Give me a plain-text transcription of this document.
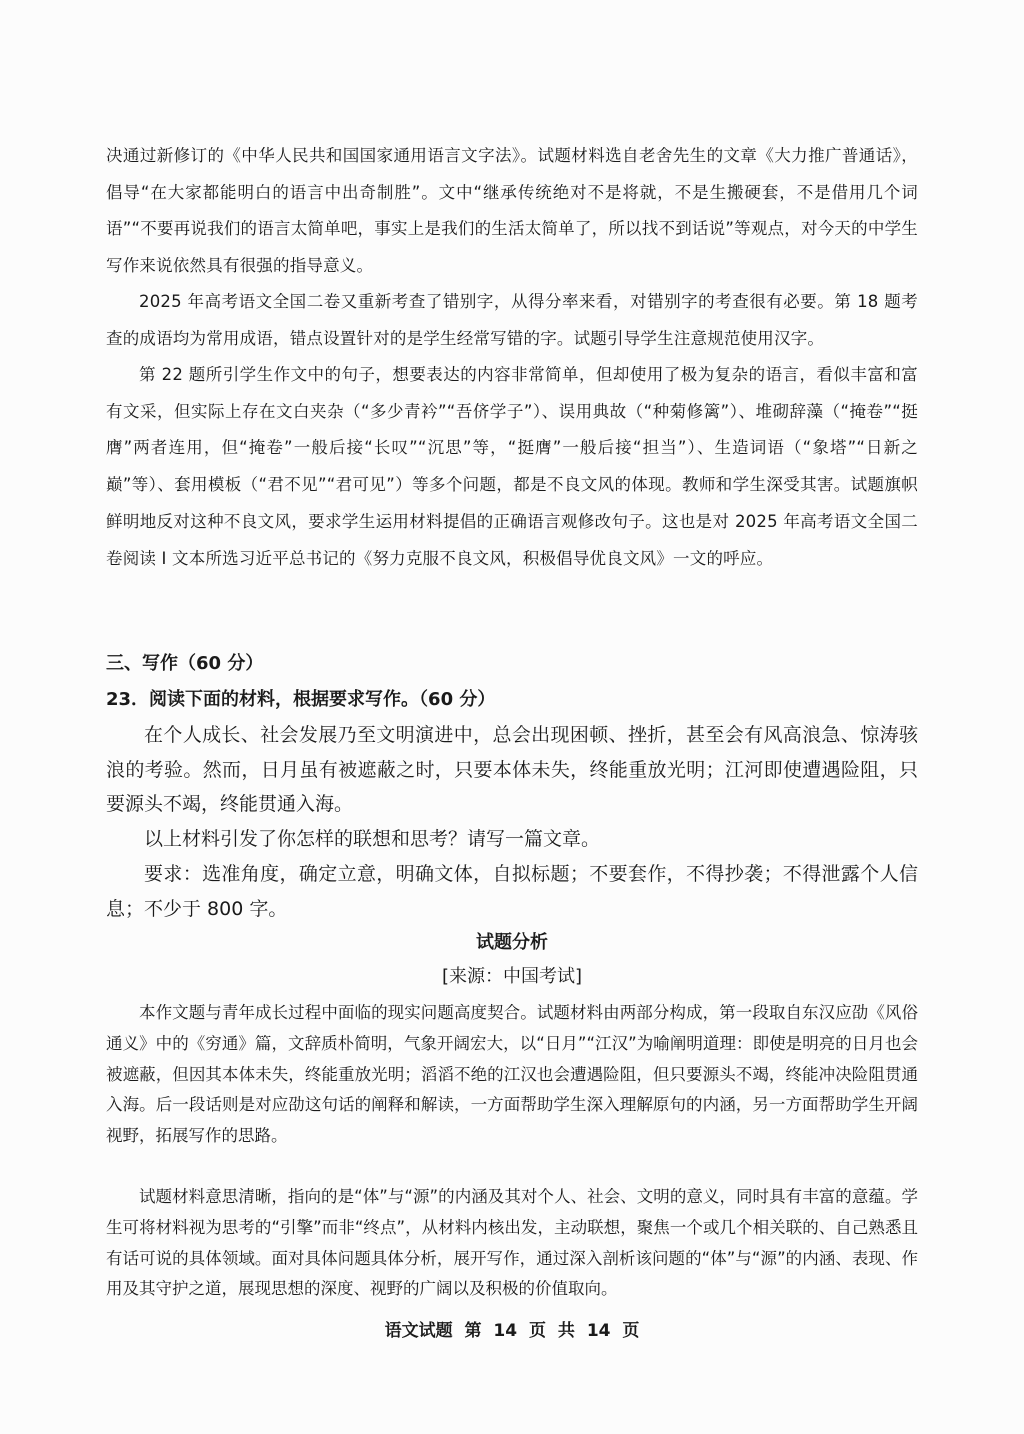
决通过新修订的《中华人民共和国国家通用语言文字法》。试题材料选自老舍先生的文章《大力推广普通话》，倡导“在大家都能明白的语言中出奇制胜”。文中“继承传统绝对不是将就，不是生搬硬套，不是借用几个词语”“不要再说我们的语言太简单吧，事实上是我们的生活太简单了，所以找不到话说”等观点，对今天的中学生写作来说依然具有很强的指导意义。

2025 年高考语文全国二卷又重新考查了错别字，从得分率来看，对错别字的考查很有必要。第 18 题考查的成语均为常用成语，错点设置针对的是学生经常写错的字。试题引导学生注意规范使用汉字。

第 22 题所引学生作文中的句子，想要表达的内容非常简单，但却使用了极为复杂的语言，看似丰富和富有文采，但实际上存在文白夹杂（“多少青衿”“吾侪学子”）、误用典故（“种菊修篱”）、堆砌辞藻（“掩卷”“挺膺”两者连用，但“掩卷”一般后接“长叹”“沉思”等，“挺膺”一般后接“担当”）、生造词语（“象塔”“日新之巅”等）、套用模板（“君不见”“君可见”）等多个问题，都是不良文风的体现。教师和学生深受其害。试题旗帜鲜明地反对这种不良文风，要求学生运用材料提倡的正确语言观修改句子。这也是对 2025 年高考语文全国二卷阅读 I 文本所选习近平总书记的《努力克服不良文风，积极倡导优良文风》一文的呼应。

三、写作（60 分）
23．阅读下面的材料，根据要求写作。（60 分）

在个人成长、社会发展乃至文明演进中，总会出现困顿、挫折，甚至会有风高浪急、惊涛骇浪的考验。然而，日月虽有被遮蔽之时，只要本体未失，终能重放光明；江河即使遭遇险阻，只要源头不竭，终能贯通入海。

以上材料引发了你怎样的联想和思考？请写一篇文章。

要求：选准角度，确定立意，明确文体，自拟标题；不要套作，不得抄袭；不得泄露个人信息；不少于 800 字。

试题分析
[来源：中国考试]

本作文题与青年成长过程中面临的现实问题高度契合。试题材料由两部分构成，第一段取自东汉应劭《风俗通义》中的《穷通》篇，文辞质朴简明，气象开阔宏大，以“日月”“江汉”为喻阐明道理：即使是明亮的日月也会被遮蔽，但因其本体未失，终能重放光明；滔滔不绝的江汉也会遭遇险阻，但只要源头不竭，终能冲决险阻贯通入海。后一段话则是对应劭这句话的阐释和解读，一方面帮助学生深入理解原句的内涵，另一方面帮助学生开阔视野，拓展写作的思路。

试题材料意思清晰，指向的是“体”与“源”的内涵及其对个人、社会、文明的意义，同时具有丰富的意蕴。学生可将材料视为思考的“引擎”而非“终点”，从材料内核出发，主动联想，聚焦一个或几个相关联的、自己熟悉且有话可说的具体领域。面对具体问题具体分析，展开写作，通过深入剖析该问题的“体”与“源”的内涵、表现、作用及其守护之道，展现思想的深度、视野的广阔以及积极的价值取向。

语文试题 第 14 页 共 14 页
